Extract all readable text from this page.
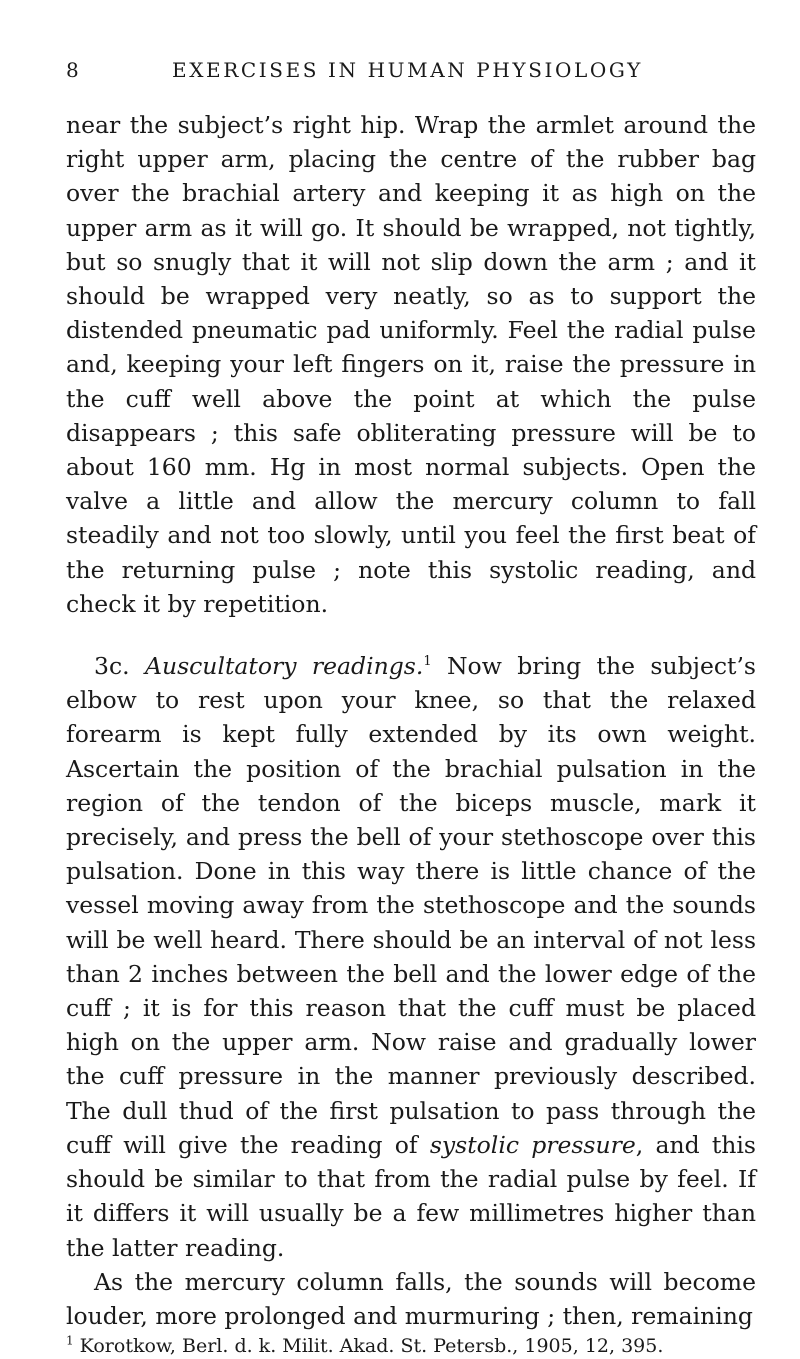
8	EXERCISES IN HUMAN PHYSIOLOGY

near the subject’s right hip. Wrap the armlet around the right upper arm, placing the centre of the rubber bag over the brachial artery and keeping it as high on the upper arm as it will go. It should be wrapped, not tightly, but so snugly that it will not slip down the arm ; and it should be wrapped very neatly, so as to support the distended pneumatic pad uniformly. Feel the radial pulse and, keeping your left fingers on it, raise the pressure in the cuff well above the point at which the pulse disappears ; this safe obliterating pressure will be to about 160 mm. Hg in most normal subjects. Open the valve a little and allow the mercury column to fall steadily and not too slowly, until you feel the first beat of the returning pulse ; note this systolic reading, and check it by repetition.

3c. Auscultatory readings.$^1$ Now bring the subject’s elbow to rest upon your knee, so that the relaxed forearm is kept fully extended by its own weight. Ascertain the position of the brachial pulsation in the region of the tendon of the biceps muscle, mark it precisely, and press the bell of your stethoscope over this pulsation. Done in this way there is little chance of the vessel moving away from the stethoscope and the sounds will be well heard. There should be an interval of not less than 2 inches between the bell and the lower edge of the cuff ; it is for this reason that the cuff must be placed high on the upper arm. Now raise and gradually lower the cuff pressure in the manner previously described. The dull thud of the first pulsation to pass through the cuff will give the reading of systolic pressure, and this should be similar to that from the radial pulse by feel. If it differs it will usually be a few millimetres higher than the latter reading.

As the mercury column falls, the sounds will become louder, more prolonged and murmuring ; then, remaining

$^1$ Korotkow, Berl. d. k. Milit. Akad. St. Petersb., 1905, 12, 395.
